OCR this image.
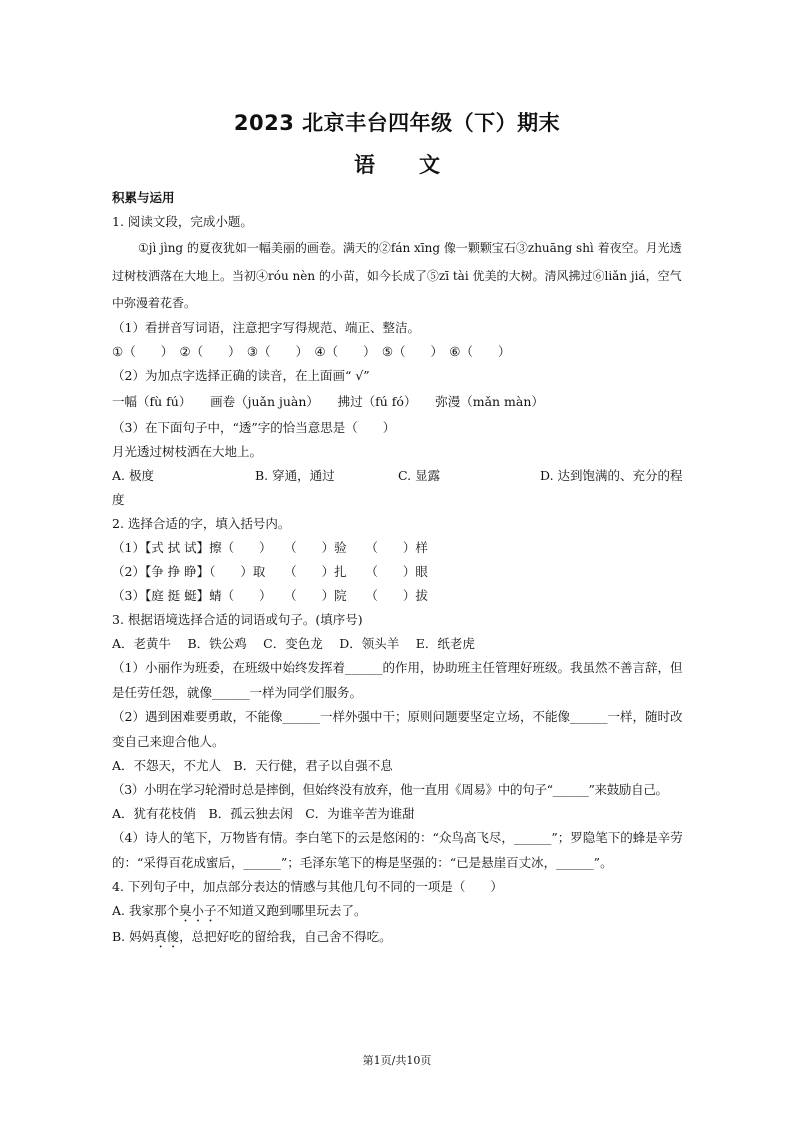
2023 北京丰台四年级（下）期末
语 文
积累与运用
1. 阅读文段，完成小题。
①jì jìng 的夏夜犹如一幅美丽的画卷。满天的②fán xīng 像一颗颗宝石③zhuāng shì 着夜空。月光透
过树枝洒落在大地上。当初④róu nèn 的小苗，如今长成了⑤zī tài 优美的大树。清风拂过⑥liǎn jiá，空气
中弥漫着花香。
（1）看拼音写词语，注意把字写得规范、端正、整洁。
①（　　）　②（　　）　③（　　）　④（　　）　⑤（　　）　⑥（　　）
（2）为加点字选择正确的读音，在上面画“ √”
一幅（fù fú）　　画卷（juǎn juàn）　　拂过（fú fó）　　弥漫（mǎn màn）
（3）在下面句子中，“透”字的恰当意思是（　　）
月光透过树枝洒在大地上。
A. 极度	B. 穿通，通过	C. 显露	D. 达到饱满的、充分的程
度
2. 选择合适的字，填入括号内。
（1）【式 拭 试】擦（　　）　　（　　）验　　（　　）样
（2）【争 挣 睁】（　　）取　　（　　）扎　　（　　）眼
（3）【庭 挺 蜓】蜻（　　）　　（　　）院　　（　　）拔
3. 根据语境选择合适的词语或句子。(填序号)
A．老黄牛　 B．铁公鸡　 C．变色龙　 D．领头羊　 E．纸老虎
（1）小丽作为班委，在班级中始终发挥着______的作用，协助班主任管理好班级。我虽然不善言辞，但是任劳任怨，就像______一样为同学们服务。
（2）遇到困难要勇敢，不能像______一样外强中干；原则问题要坚定立场，不能像______一样，随时改变自己来迎合他人。
A．不怨天，不尤人　B．天行健，君子以自强不息
（3）小明在学习轮滑时总是摔倒，但始终没有放弃，他一直用《周易》中的句子“______”来鼓励自己。
A．犹有花枝俏　B．孤云独去闲　C．为谁辛苦为谁甜
（4）诗人的笔下，万物皆有情。李白笔下的云是悠闲的：“众鸟高飞尽，______”；罗隐笔下的蜂是辛劳的：“采得百花成蜜后，______”；毛泽东笔下的梅是坚强的：“已是悬崖百丈冰，______”。
4. 下列句子中，加点部分表达的情感与其他几句不同的一项是（　　）
A. 我家那个臭小子不知道又跑到哪里玩去了。
B. 妈妈真傻，总把好吃的留给我，自己舍不得吃。
第1页/共10页
